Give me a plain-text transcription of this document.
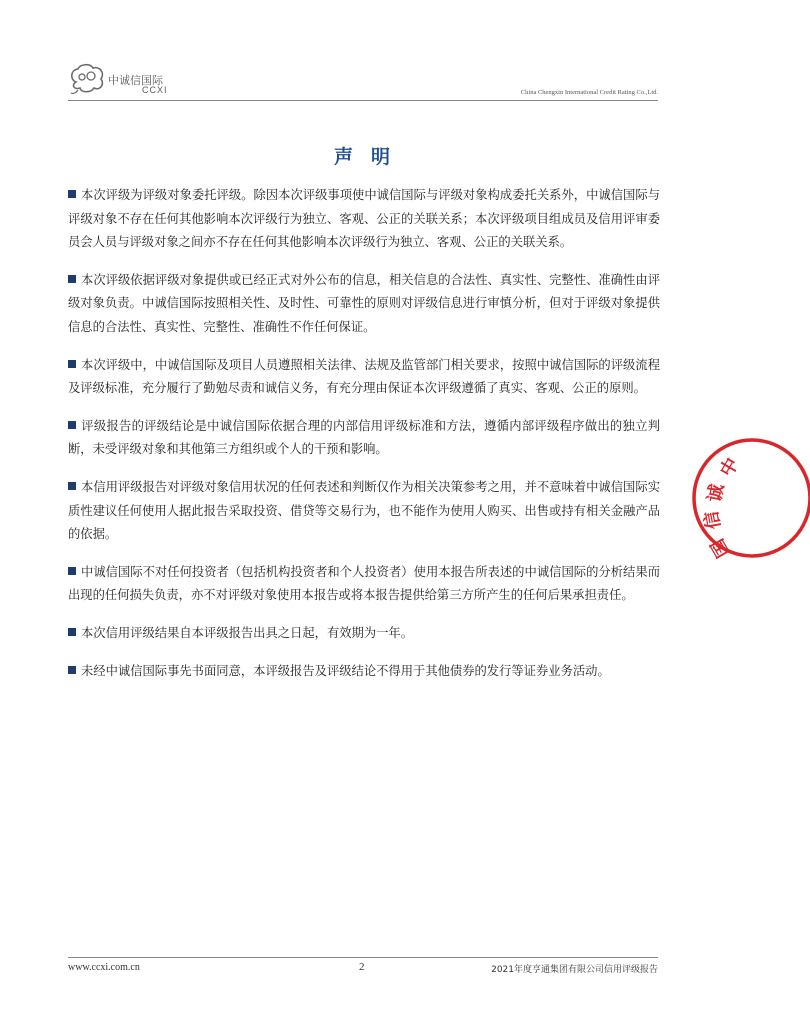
中诚信国际
CCXI	China Chengxin International Credit Rating Co.,Ltd.
声明

本次评级为评级对象委托评级。除因本次评级事项使中诚信国际与评级对象构成委托关系外，中诚信国际与评级对象不存在任何其他影响本次评级行为独立、客观、公正的关联关系；本次评级项目组成员及信用评审委员会人员与评级对象之间亦不存在任何其他影响本次评级行为独立、客观、公正的关联关系。

本次评级依据评级对象提供或已经正式对外公布的信息，相关信息的合法性、真实性、完整性、准确性由评级对象负责。中诚信国际按照相关性、及时性、可靠性的原则对评级信息进行审慎分析，但对于评级对象提供信息的合法性、真实性、完整性、准确性不作任何保证。

本次评级中，中诚信国际及项目人员遵照相关法律、法规及监管部门相关要求，按照中诚信国际的评级流程及评级标准，充分履行了勤勉尽责和诚信义务，有充分理由保证本次评级遵循了真实、客观、公正的原则。

评级报告的评级结论是中诚信国际依据合理的内部信用评级标准和方法，遵循内部评级程序做出的独立判断，未受评级对象和其他第三方组织或个人的干预和影响。

本信用评级报告对评级对象信用状况的任何表述和判断仅作为相关决策参考之用，并不意味着中诚信国际实质性建议任何使用人据此报告采取投资、借贷等交易行为，也不能作为使用人购买、出售或持有相关金融产品的依据。

中诚信国际不对任何投资者（包括机构投资者和个人投资者）使用本报告所表述的中诚信国际的分析结果而出现的任何损失负责，亦不对评级对象使用本报告或将本报告提供给第三方所产生的任何后果承担责任。

本次信用评级结果自本评级报告出具之日起，有效期为一年。

未经中诚信国际事先书面同意，本评级报告及评级结论不得用于其他债券的发行等证券业务活动。

中
诚
信
国
www.ccxi.com.cn	2	2021年度亨通集团有限公司信用评级报告
